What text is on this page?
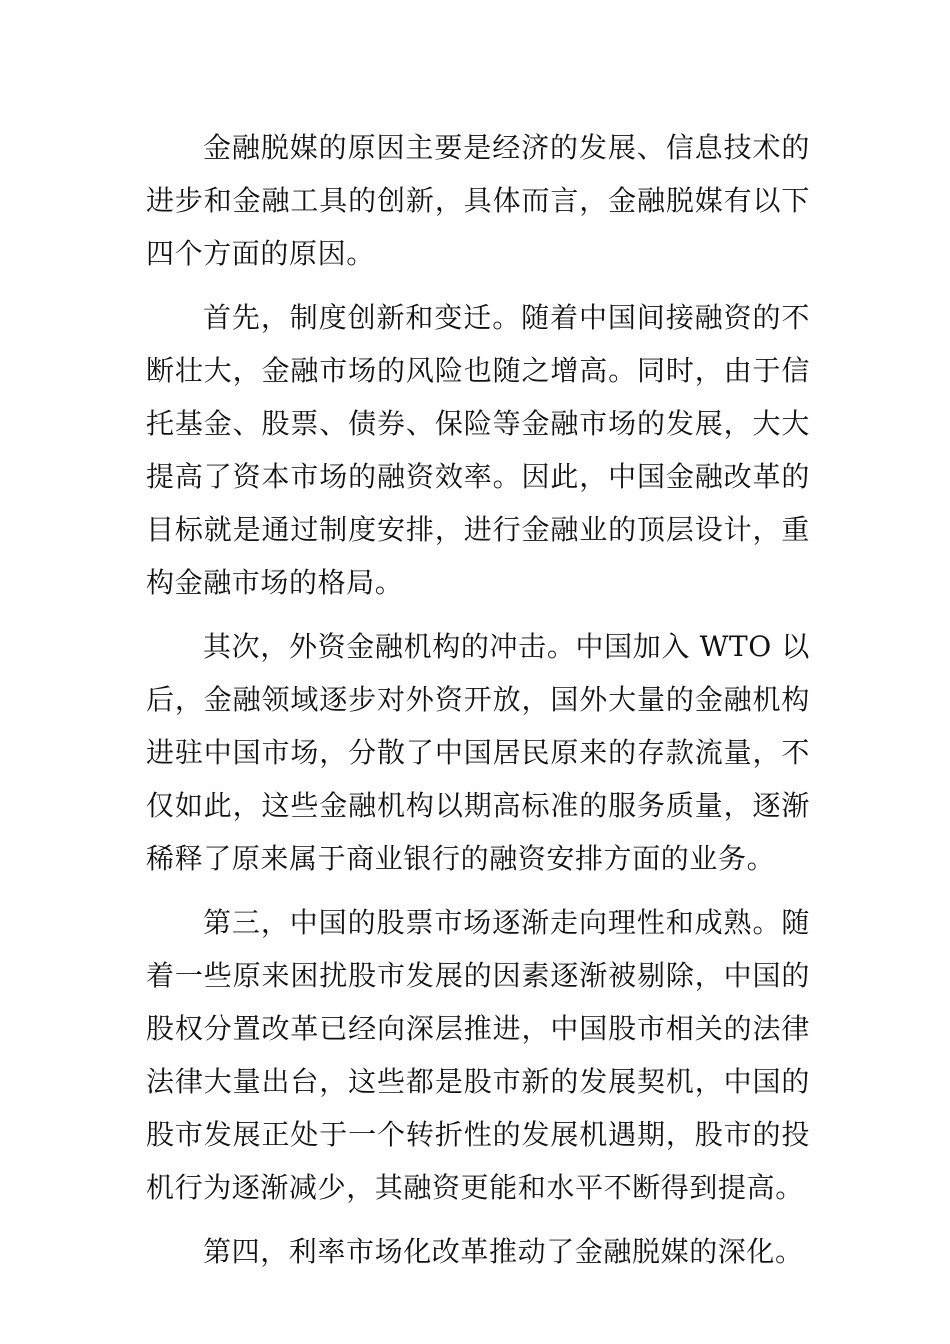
金融脱媒的原因主要是经济的发展、信息技术的进步和金融工具的创新，具体而言，金融脱媒有以下四个方面的原因。

首先，制度创新和变迁。随着中国间接融资的不断壮大，金融市场的风险也随之增高。同时，由于信托基金、股票、债券、保险等金融市场的发展，大大提高了资本市场的融资效率。因此，中国金融改革的目标就是通过制度安排，进行金融业的顶层设计，重构金融市场的格局。

其次，外资金融机构的冲击。中国加入 WTO 以后，金融领域逐步对外资开放，国外大量的金融机构进驻中国市场，分散了中国居民原来的存款流量，不仅如此，这些金融机构以期高标准的服务质量，逐渐稀释了原来属于商业银行的融资安排方面的业务。

第三，中国的股票市场逐渐走向理性和成熟。随着一些原来困扰股市发展的因素逐渐被剔除，中国的股权分置改革已经向深层推进，中国股市相关的法律法律大量出台，这些都是股市新的发展契机，中国的股市发展正处于一个转折性的发展机遇期，股市的投机行为逐渐减少，其融资更能和水平不断得到提高。

第四，利率市场化改革推动了金融脱媒的深化。
